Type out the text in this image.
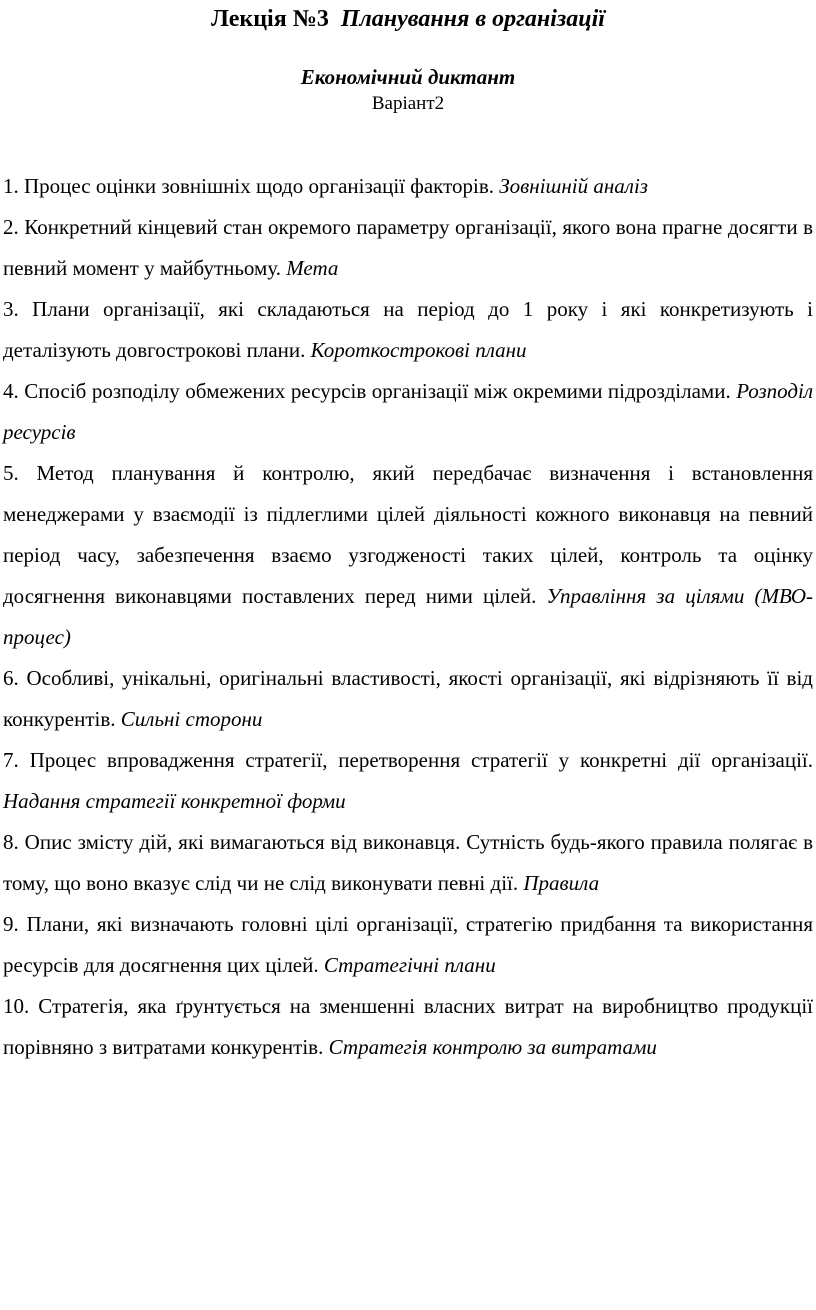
Лекція №3 Планування в організації
Економічний диктант
Варіант2

1. Процес оцінки зовнішніх щодо організації факторів. Зовнішній аналіз

2. Конкретний кінцевий стан окремого параметру організації, якого вона прагне досягти в певний момент у майбутньому. Мета

3. Плани організації, які складаються на період до 1 року і які конкретизують і деталізують довгострокові плани. Короткострокові плани

4. Спосіб розподілу обмежених ресурсів організації між окремими підрозділами. Розподіл ресурсів

5. Метод планування й контролю, який передбачає визначення і встановлення менеджерами у взаємодії із підлеглими цілей діяльності кожного виконавця на певний період часу, забезпечення взаємо узгодженості таких цілей, контроль та оцінку досягнення виконавцями поставлених перед ними цілей. Управління за цілями (МВО-процес)

6. Особливі, унікальні, оригінальні властивості, якості організації, які відрізняють її від конкурентів. Сильні сторони

7. Процес впровадження стратегії, перетворення стратегії у конкретні дії організації. Надання стратегії конкретної форми

8. Опис змісту дій, які вимагаються від виконавця. Сутність будь-якого правила полягає в тому, що воно вказує слід чи не слід виконувати певні дії. Правила

9. Плани, які визначають головні цілі організації, стратегію придбання та використання ресурсів для досягнення цих цілей. Стратегічні плани

10. Стратегія, яка ґрунтується на зменшенні власних витрат на виробництво продукції порівняно з витратами конкурентів. Стратегія контролю за витратами
